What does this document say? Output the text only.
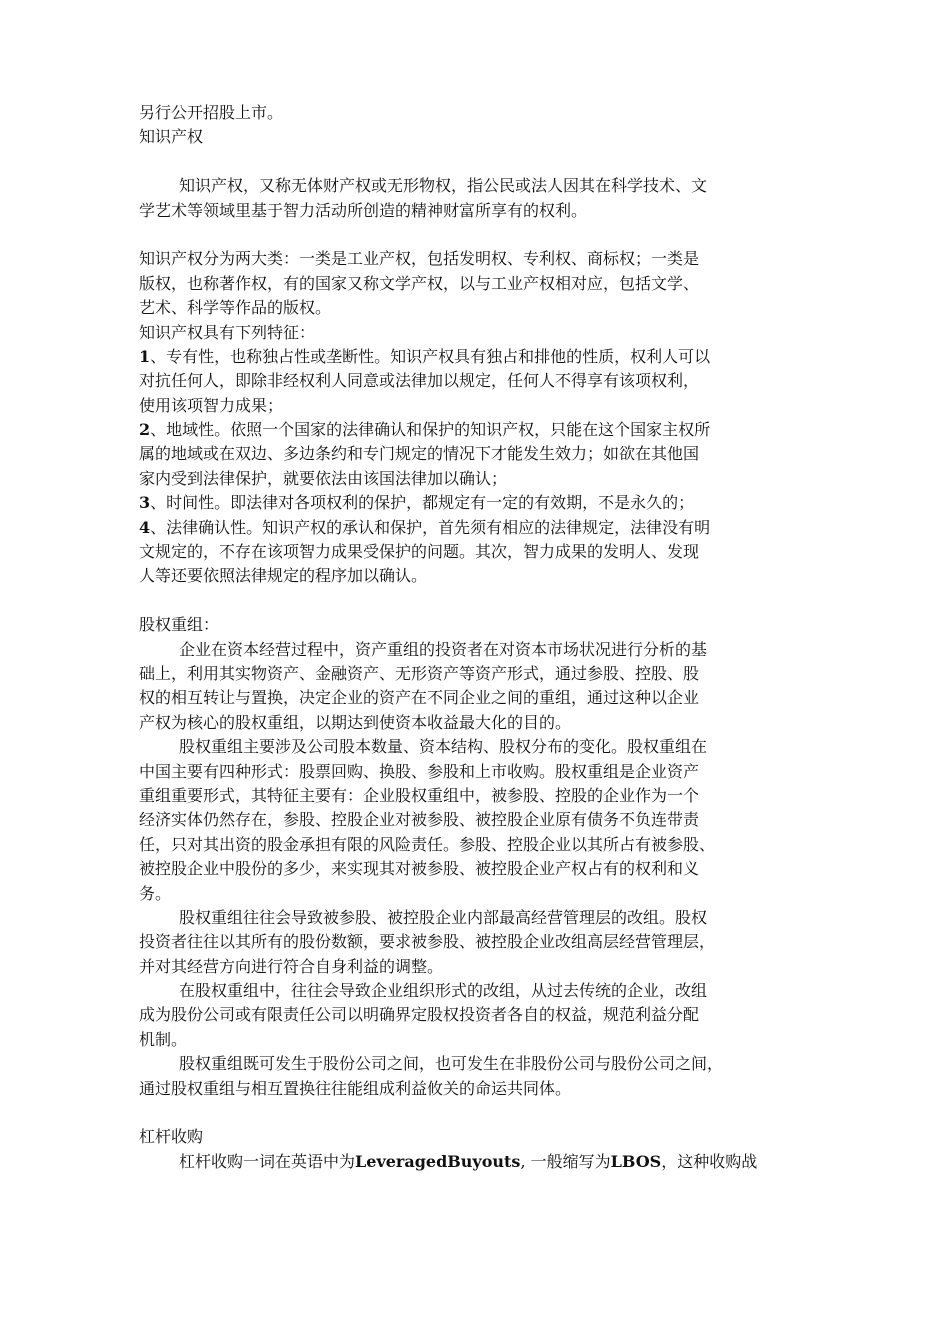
另行公开招股上市。
知识产权
知识产权，又称无体财产权或无形物权，指公民或法人因其在科学技术、文
学艺术等领域里基于智力活动所创造的精神财富所享有的权利。
知识产权分为两大类：一类是工业产权，包括发明权、专利权、商标权；一类是
版权，也称著作权，有的国家又称文学产权，以与工业产权相对应，包括文学、
艺术、科学等作品的版权。
知识产权具有下列特征：
1、专有性，也称独占性或垄断性。知识产权具有独占和排他的性质，权利人可以
对抗任何人，即除非经权利人同意或法律加以规定，任何人不得享有该项权利，
使用该项智力成果；
2、地域性。依照一个国家的法律确认和保护的知识产权，只能在这个国家主权所
属的地域或在双边、多边条约和专门规定的情况下才能发生效力；如欲在其他国
家内受到法律保护，就要依法由该国法律加以确认；
3、时间性。即法律对各项权利的保护，都规定有一定的有效期，不是永久的；
4、法律确认性。知识产权的承认和保护，首先须有相应的法律规定，法律没有明
文规定的，不存在该项智力成果受保护的问题。其次，智力成果的发明人、发现
人等还要依照法律规定的程序加以确认。
股权重组：
企业在资本经营过程中，资产重组的投资者在对资本市场状况进行分析的基
础上，利用其实物资产、金融资产、无形资产等资产形式，通过参股、控股、股
权的相互转让与置换，决定企业的资产在不同企业之间的重组，通过这种以企业
产权为核心的股权重组，以期达到使资本收益最大化的目的。
股权重组主要涉及公司股本数量、资本结构、股权分布的变化。股权重组在
中国主要有四种形式：股票回购、换股、参股和上市收购。股权重组是企业资产
重组重要形式，其特征主要有：企业股权重组中，被参股、控股的企业作为一个
经济实体仍然存在，参股、控股企业对被参股、被控股企业原有债务不负连带责
任，只对其出资的股金承担有限的风险责任。参股、控股企业以其所占有被参股、
被控股企业中股份的多少，来实现其对被参股、被控股企业产权占有的权利和义
务。
股权重组往往会导致被参股、被控股企业内部最高经营管理层的改组。股权
投资者往往以其所有的股份数额，要求被参股、被控股企业改组高层经营管理层，
并对其经营方向进行符合自身利益的调整。
在股权重组中，往往会导致企业组织形式的改组，从过去传统的企业，改组
成为股份公司或有限责任公司以明确界定股权投资者各自的权益，规范利益分配
机制。
股权重组既可发生于股份公司之间，也可发生在非股份公司与股份公司之间，
通过股权重组与相互置换往往能组成利益攸关的命运共同体。
杠杆收购
杠杆收购一词在英语中为LeveragedBuyouts, 一般缩写为LBOS，这种收购战
